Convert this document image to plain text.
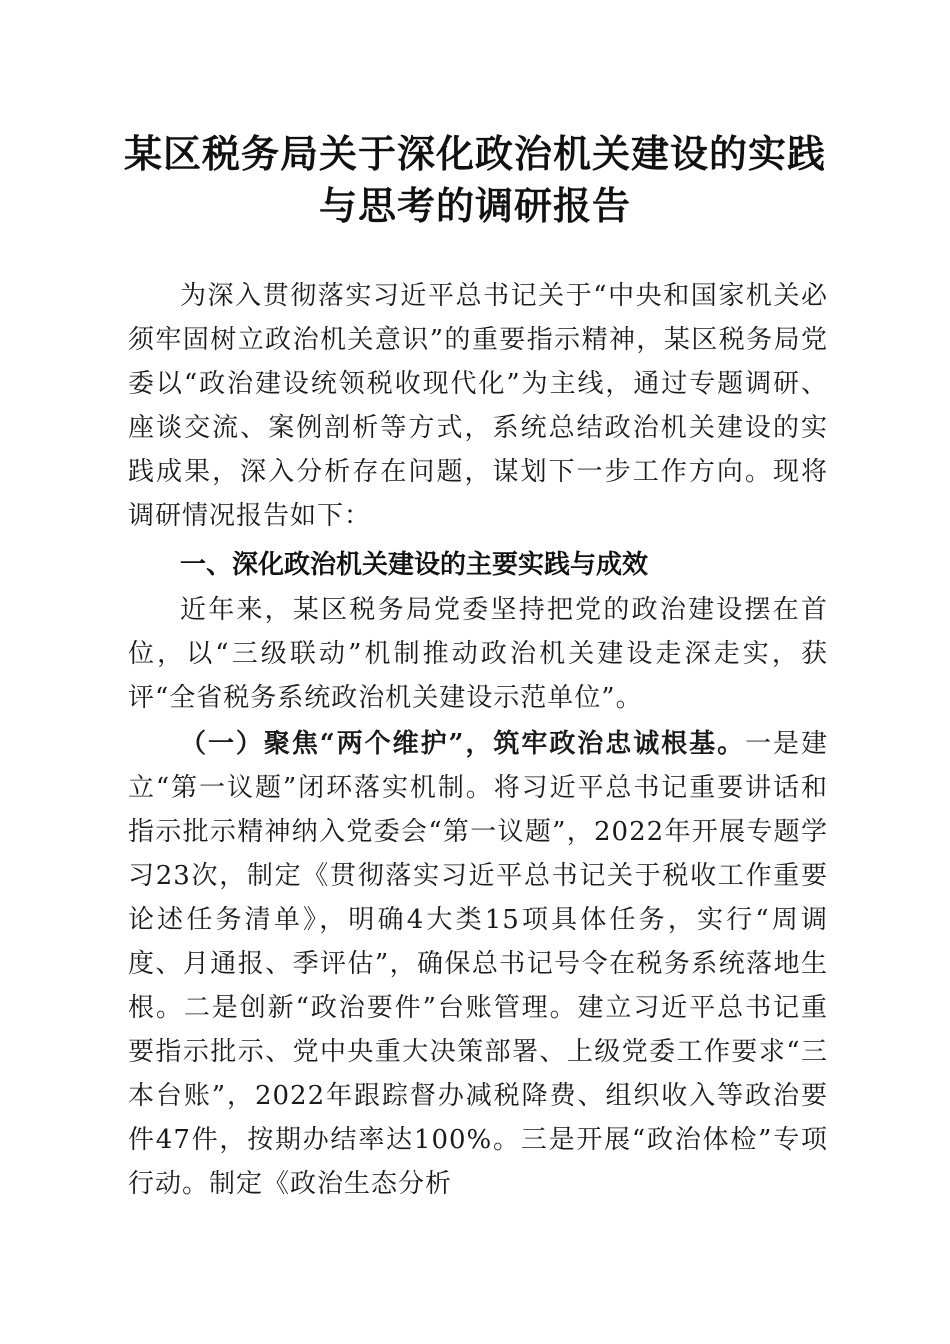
某区税务局关于深化政治机关建设的实践与思考的调研报告

为深入贯彻落实习近平总书记关于“中央和国家机关必须牢固树立政治机关意识”的重要指示精神，某区税务局党委以“政治建设统领税收现代化”为主线，通过专题调研、座谈交流、案例剖析等方式，系统总结政治机关建设的实践成果，深入分析存在问题，谋划下一步工作方向。现将调研情况报告如下：

一、深化政治机关建设的主要实践与成效

近年来，某区税务局党委坚持把党的政治建设摆在首位，以“三级联动”机制推动政治机关建设走深走实，获评“全省税务系统政治机关建设示范单位”。

（一）聚焦“两个维护”，筑牢政治忠诚根基。一是建立“第一议题”闭环落实机制。将习近平总书记重要讲话和指示批示精神纳入党委会“第一议题”，2022年开展专题学习23次，制定《贯彻落实习近平总书记关于税收工作重要论述任务清单》，明确4大类15项具体任务，实行“周调度、月通报、季评估”，确保总书记号令在税务系统落地生根。二是创新“政治要件”台账管理。建立习近平总书记重要指示批示、党中央重大决策部署、上级党委工作要求“三本台账”，2022年跟踪督办减税降费、组织收入等政治要件47件，按期办结率达100%。三是开展“政治体检”专项行动。制定《政治生态分析
